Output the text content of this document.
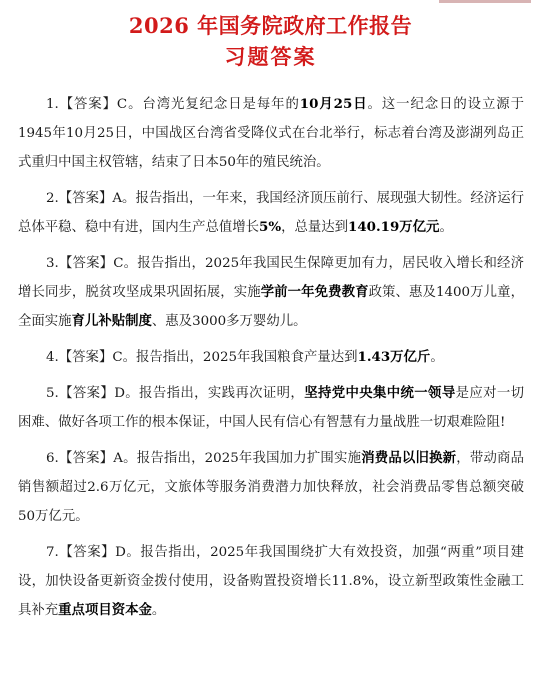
2026 年国务院政府工作报告
习题答案

1.【答案】C。台湾光复纪念日是每年的10月25日。这一纪念日的设立源于1945年10月25日，中国战区台湾省受降仪式在台北举行，标志着台湾及澎湖列岛正式重归中国主权管辖，结束了日本50年的殖民统治。

2.【答案】A。报告指出，一年来，我国经济顶压前行、展现强大韧性。经济运行总体平稳、稳中有进，国内生产总值增长5%，总量达到140.19万亿元。

3.【答案】C。报告指出，2025年我国民生保障更加有力，居民收入增长和经济增长同步，脱贫攻坚成果巩固拓展，实施学前一年免费教育政策、惠及1400万儿童，全面实施育儿补贴制度、惠及3000多万婴幼儿。

4.【答案】C。报告指出，2025年我国粮食产量达到1.43万亿斤。

5.【答案】D。报告指出，实践再次证明，坚持党中央集中统一领导是应对一切困难、做好各项工作的根本保证，中国人民有信心有智慧有力量战胜一切艰难险阻!

6.【答案】A。报告指出，2025年我国加力扩围实施消费品以旧换新，带动商品销售额超过2.6万亿元，文旅体等服务消费潜力加快释放，社会消费品零售总额突破50万亿元。

7.【答案】D。报告指出，2025年我国围绕扩大有效投资，加强“两重”项目建设，加快设备更新资金拨付使用，设备购置投资增长11.8%，设立新型政策性金融工具补充重点项目资本金。
